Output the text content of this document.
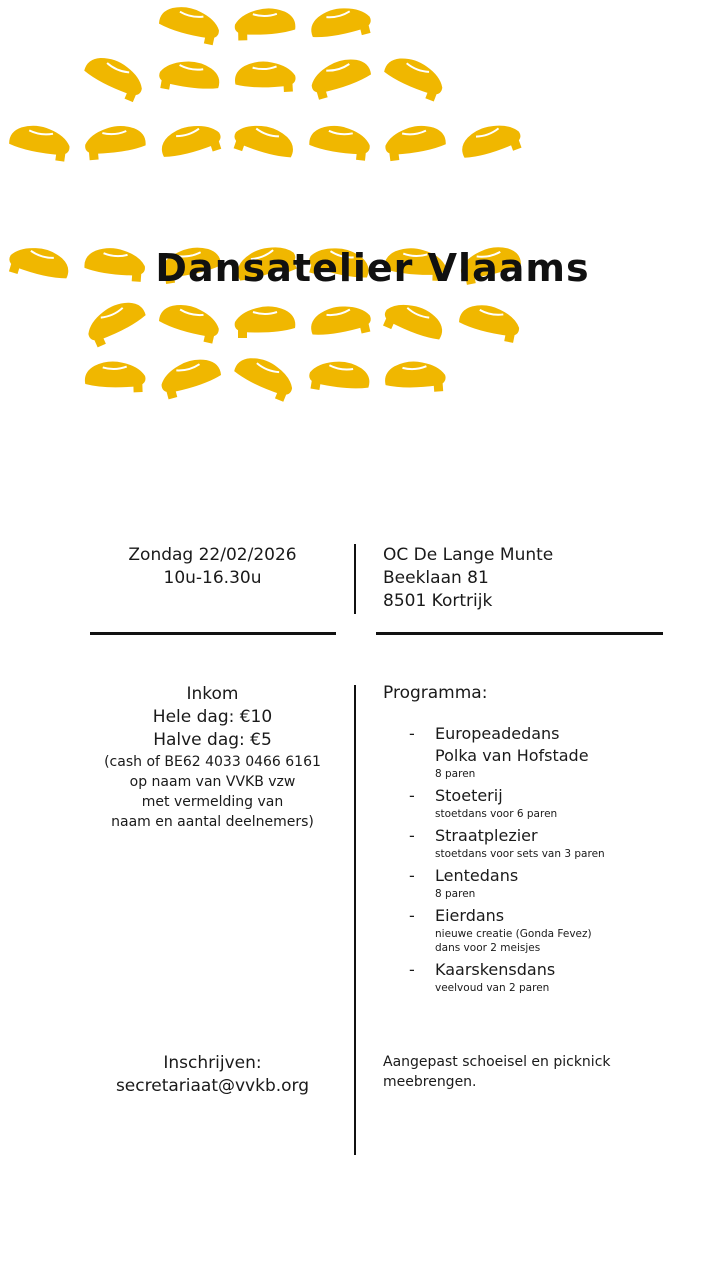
Dansatelier Vlaams
Zondag 22/02/2026
10u-16.30u
OC De Lange Munte
Beeklaan 81
8501 Kortrijk
Inkom
Hele dag: €10
Halve dag: €5
(cash of BE62 4033 0466 6161
op naam van VVKB vzw
met vermelding van
naam en aantal deelnemers)
Programma:
- Europeadedans
Polka van Hofstade
8 paren
- Stoeterij
stoetdans voor 6 paren
- Straatplezier
stoetdans voor sets van 3 paren
- Lentedans
8 paren
- Eierdans
nieuwe creatie (Gonda Fevez)
dans voor 2 meisjes
- Kaarskensdans
veelvoud van 2 paren
Inschrijven:
secretariaat@vvkb.org
Aangepast schoeisel en picknick
meebrengen.
